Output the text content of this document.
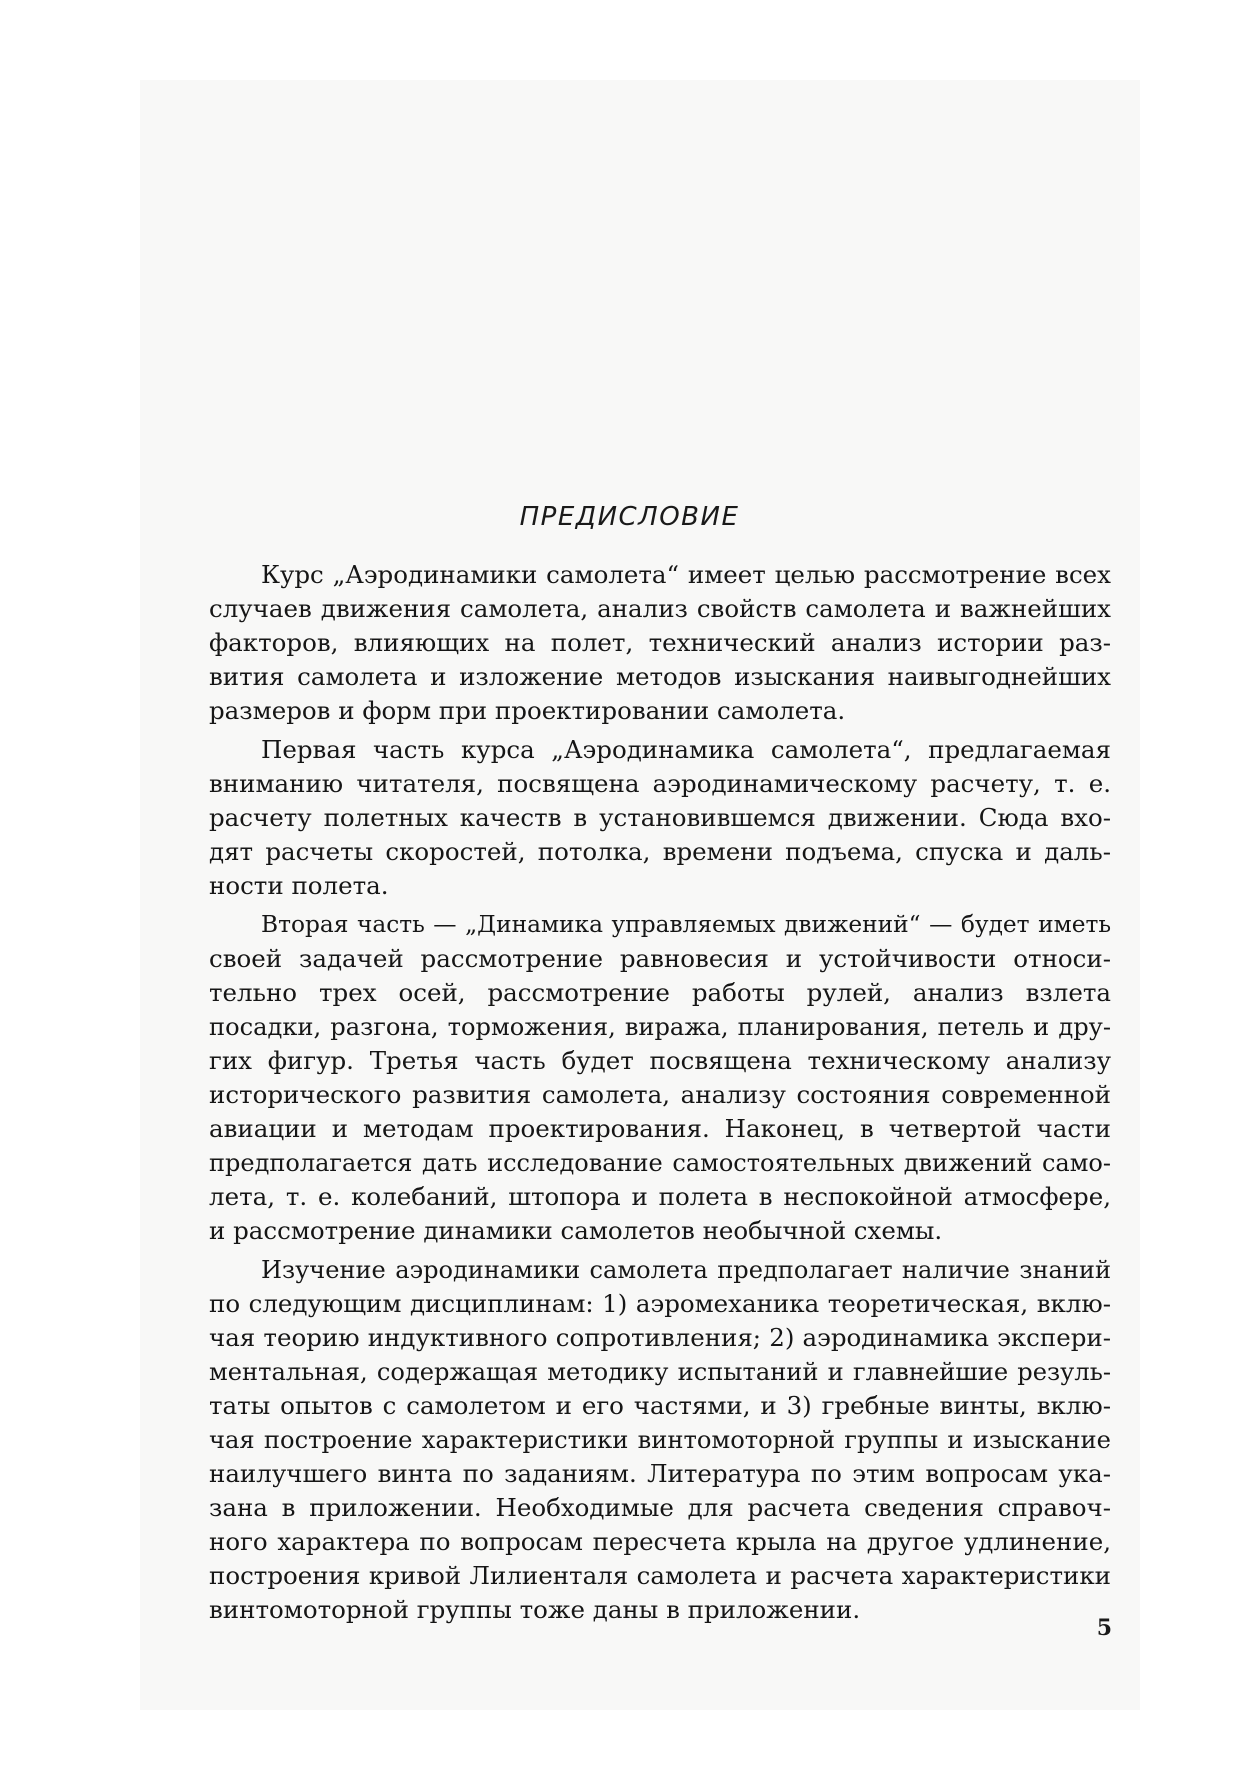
ПРЕДИСЛОВИЕ

Курс „Аэродинамики самолета“ имеет целью рассмотрение всех
случаев движения самолета, анализ свойств самолета и важнейших
факторов, влияющих на полет, технический анализ истории раз-
вития самолета и изложение методов изыскания наивыгоднейших
размеров и форм при проектировании самолета.

Первая часть курса „Аэродинамика самолета“, предлагаемая
вниманию читателя, посвящена аэродинамическому расчету, т. е.
расчету полетных качеств в установившемся движении. Сюда вхо-
дят расчеты скоростей, потолка, времени подъема, спуска и даль-
ности полета.

Вторая часть — „Динамика управляемых движений“ — будет иметь
своей задачей рассмотрение равновесия и устойчивости относи-
тельно трех осей, рассмотрение работы рулей, анализ взлета
посадки, разгона, торможения, виража, планирования, петель и дру-
гих фигур. Третья часть будет посвящена техническому анализу
исторического развития самолета, анализу состояния современной
авиации и методам проектирования. Наконец, в четвертой части
предполагается дать исследование самостоятельных движений само-
лета, т. е. колебаний, штопора и полета в неспокойной атмосфере,
и рассмотрение динамики самолетов необычной схемы.

Изучение аэродинамики самолета предполагает наличие знаний
по следующим дисциплинам: 1) аэромеханика теоретическая, вклю-
чая теорию индуктивного сопротивления; 2) аэродинамика экспери-
ментальная, содержащая методику испытаний и главнейшие резуль-
таты опытов с самолетом и его частями, и 3) гребные винты, вклю-
чая построение характеристики винтомоторной группы и изыскание
наилучшего винта по заданиям. Литература по этим вопросам ука-
зана в приложении. Необходимые для расчета сведения справоч-
ного характера по вопросам пересчета крыла на другое удлинение,
построения кривой Лилиенталя самолета и расчета характеристики
винтомоторной группы тоже даны в приложении.

5
